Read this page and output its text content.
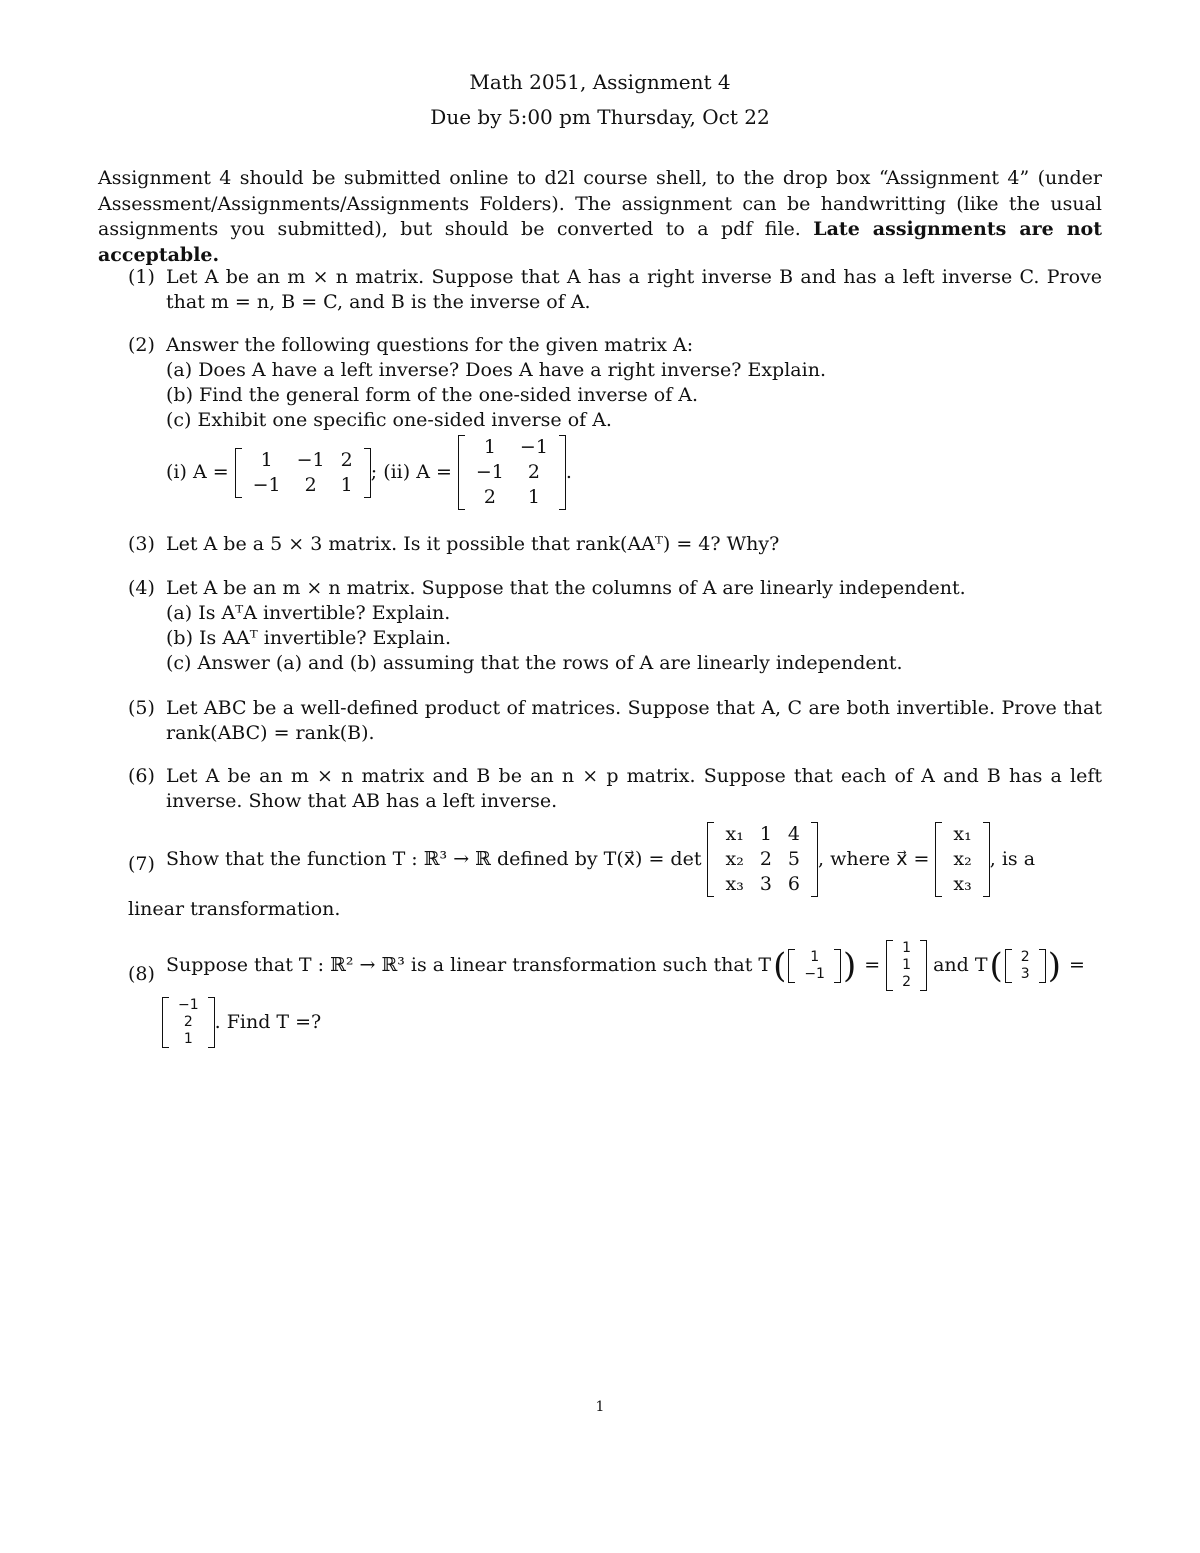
Math 2051, Assignment 4
Due by 5:00 pm Thursday, Oct 22
Assignment 4 should be submitted online to d2l course shell, to the drop box “Assignment 4” (under Assessment/Assignments/Assignments Folders). The assignment can be handwritting (like the usual assignments you submitted), but should be converted to a pdf file. Late assignments are not acceptable.
(1) Let A be an m × n matrix. Suppose that A has a right inverse B and has a left inverse C. Prove that m = n, B = C, and B is the inverse of A.
(2) Answer the following questions for the given matrix A:
(a) Does A have a left inverse? Does A have a right inverse? Explain.
(b) Find the general form of the one-sided inverse of A.
(c) Exhibit one specific one-sided inverse of A.
(i) A =
1	−1	2
−1	2	1
; (ii) A =
1	−1
−1	2
2	1
.
(3) Let A be a 5 × 3 matrix. Is it possible that rank(AAᵀ) = 4? Why?
(4) Let A be an m × n matrix. Suppose that the columns of A are linearly independent.
(a) Is AᵀA invertible? Explain.
(b) Is AAᵀ invertible? Explain.
(c) Answer (a) and (b) assuming that the rows of A are linearly independent.
(5) Let ABC be a well-defined product of matrices. Suppose that A, C are both invertible. Prove that rank(ABC) = rank(B).
(6) Let A be an m × n matrix and B be an n × p matrix. Suppose that each of A and B has a left inverse. Show that AB has a left inverse.
(7) Show that the function T : ℝ³ → ℝ defined by T(x⃗) = det
x₁	1	4
x₂	2	5
x₃	3	6
, where x⃗ =
x₁
x₂
x₃
, is a
linear transformation.
(8) Suppose that T : ℝ² → ℝ³ is a linear transformation such that T ( 1
−1 ) =
1
1
2
and T ( 2
3 ) =
−1
2
1
. Find T =?
1
